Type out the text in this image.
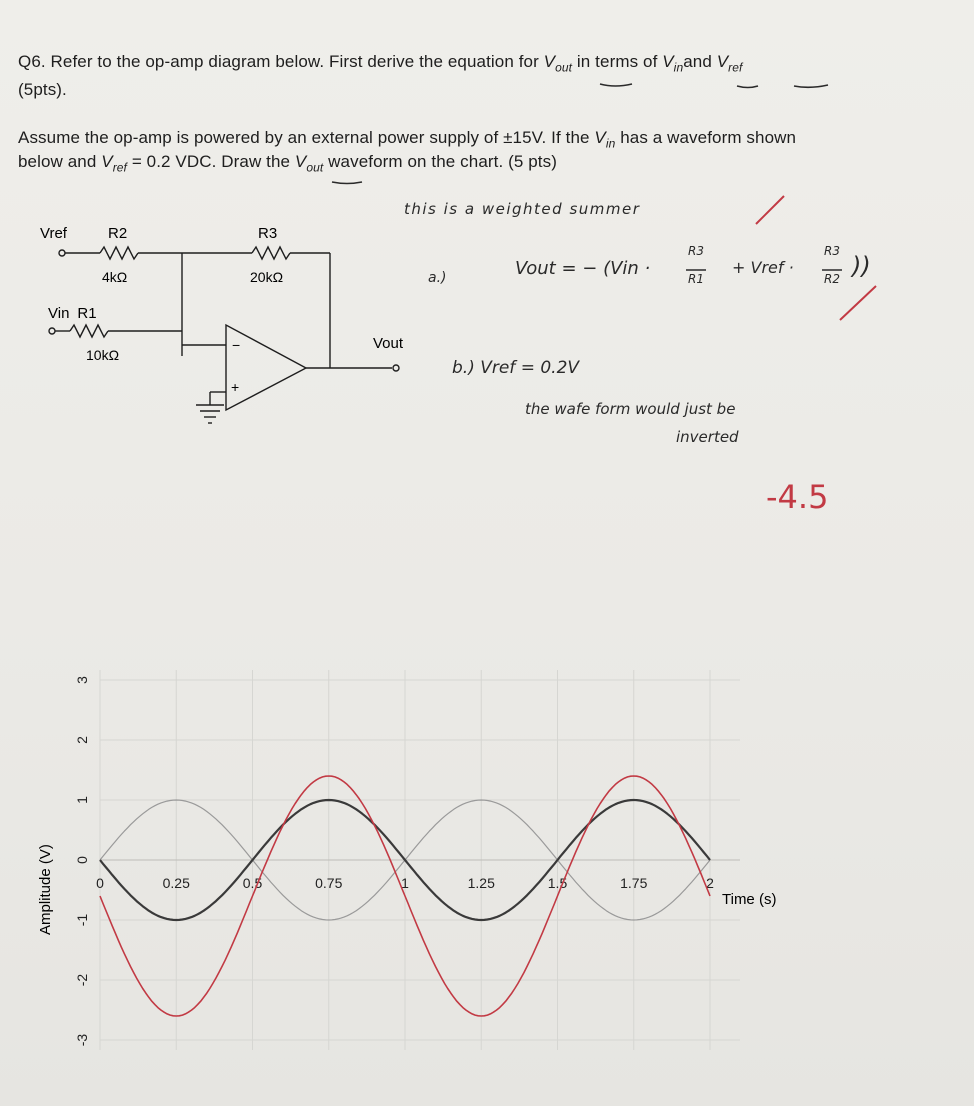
Q6. Refer to the op-amp diagram below. First derive the equation for $V_{out}$ in terms of $V_{in}and$ $V_{ref}$
(5pts).
Assume the op-amp is powered by an external power supply of ±15V. If the $V_{in}$ has a waveform shown
below and $V_{ref} = 0.2$ VDC. Draw the $V_{out}$ waveform on the chart. (5 pts)
Vref	R2
4kΩ
R3
20kΩ
Vin R1
10kΩ
Vout
−
+
this is a weighted summer
a.)	Vout = − (Vin ·
R3
R1
+ Vref ·
R3
R2 ))
b.) Vref = 0.2V
the wafe form would just be
inverted
-4.5
0	0.25	0.5	0.75	1	1.25	1.5	1.75	2
3
2
1
0
-1
-2
-3
Time (s)
Amplitude (V)
